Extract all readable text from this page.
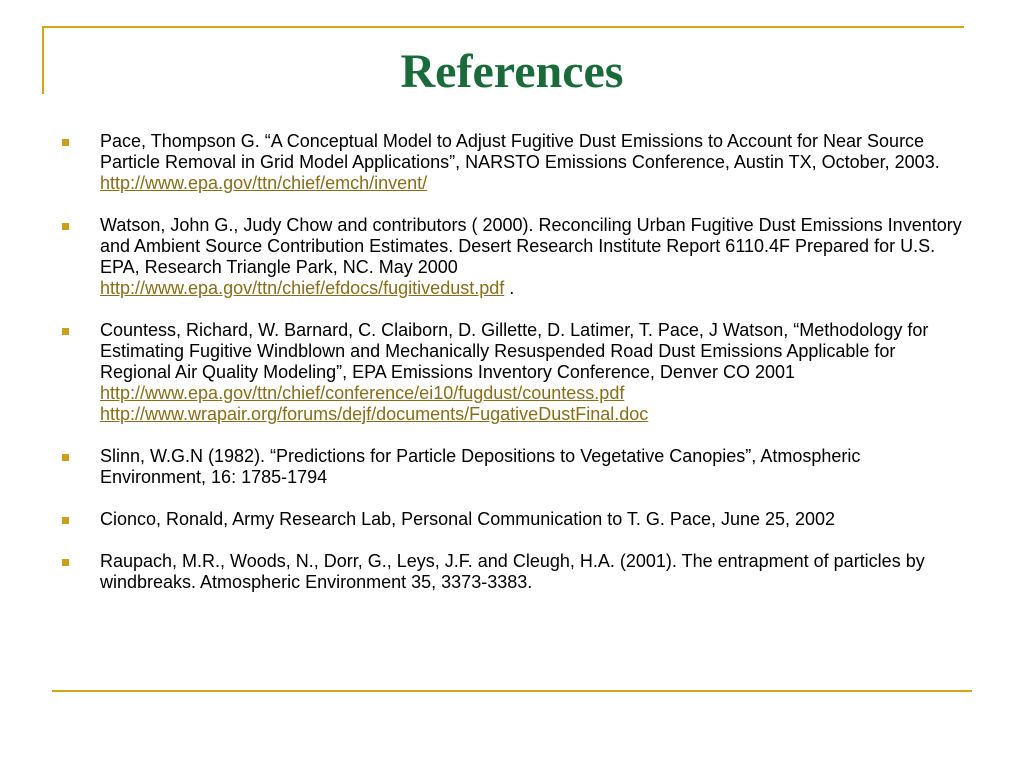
References
Pace, Thompson G. “A Conceptual Model to Adjust Fugitive Dust Emissions to Account for Near Source Particle Removal in Grid Model Applications”, NARSTO Emissions Conference, Austin TX, October, 2003.  http://www.epa.gov/ttn/chief/emch/invent/
Watson, John G., Judy Chow and contributors ( 2000). Reconciling Urban Fugitive Dust Emissions Inventory and Ambient Source Contribution Estimates. Desert Research Institute Report 6110.4F Prepared for U.S. EPA, Research Triangle Park, NC. May 2000
http://www.epa.gov/ttn/chief/efdocs/fugitivedust.pdf .
Countess, Richard, W. Barnard, C. Claiborn, D. Gillette, D. Latimer, T. Pace, J Watson, “Methodology for Estimating Fugitive Windblown and Mechanically Resuspended Road Dust Emissions Applicable for Regional Air Quality Modeling”, EPA Emissions Inventory Conference, Denver CO 2001
http://www.epa.gov/ttn/chief/conference/ei10/fugdust/countess.pdf
http://www.wrapair.org/forums/dejf/documents/FugativeDustFinal.doc
Slinn, W.G.N (1982). “Predictions for Particle Depositions to Vegetative Canopies”, Atmospheric Environment, 16: 1785-1794
Cionco, Ronald, Army Research Lab, Personal Communication to T. G. Pace, June 25, 2002
Raupach, M.R., Woods, N., Dorr, G., Leys, J.F. and Cleugh, H.A. (2001). The entrapment of particles by windbreaks. Atmospheric Environment 35, 3373-3383.
